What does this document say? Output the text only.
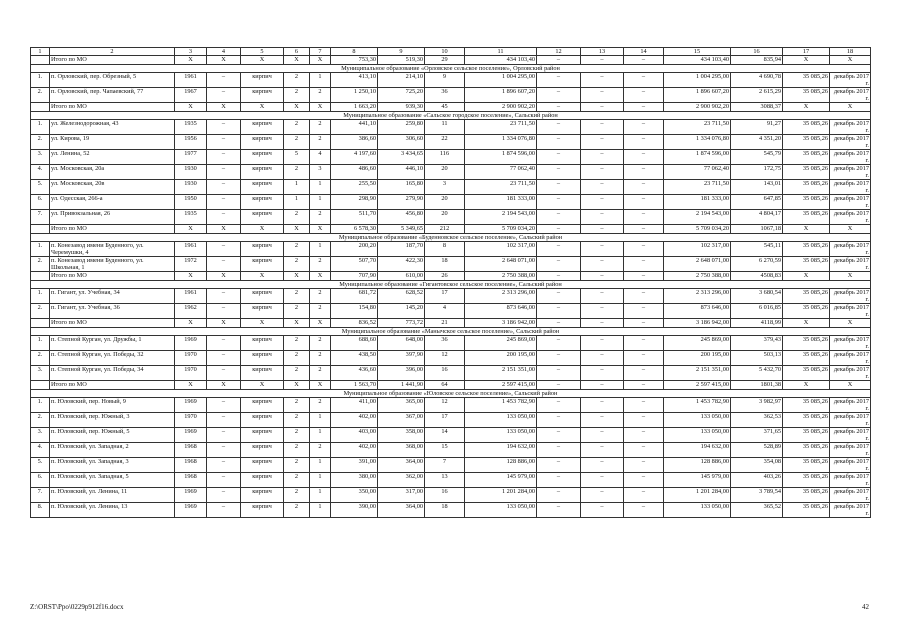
1	2	3	4	5	6	7	8	9	10	11	12	13	14	15	16	17	18
	Итого по МО	X	X	X	X	X	753,30	519,30	29	434 103,40	–	–	–	434 103,40	835,94	X	X
Муниципальное образование «Орловское сельское поселение», Орловский район																	
1.	п. Орловский, пер. Обрезный, 5	1961	–	кирпич	2	1	413,10	214,10	9	1 004 295,00	–	–	–	1 004 295,00	4 690,78	35 085,26	декабрь 2017 г.
2.	п. Орловский, пер. Чапаевский, 77	1967	–	кирпич	2	2	1 250,10	725,20	36	1 896 607,20	–	–	–	1 896 607,20	2 615,29	35 085,26	декабрь 2017 г.
	Итого по МО	X	X	X	X	X	1 663,20	939,30	45	2 900 902,20	–	–	–	2 900 902,20	3088,37	X	X
Муниципальное образование «Сальское городское поселение», Сальский район																	
1.	ул. Железнодорожная, 43	1935	–	кирпич	2	2	441,10	259,80	11	23 711,50	–	–	–	23 711,50	91,27	35 085,26	декабрь 2017 г.
2.	ул. Кирова, 19	1956	–	кирпич	2	2	386,60	306,60	22	1 334 076,80	–	–	–	1 334 076,80	4 351,20	35 085,26	декабрь 2017 г.
3.	ул. Ленина, 52	1977	–	кирпич	5	4	4 197,60	3 434,65	116	1 874 596,00	–	–	–	1 874 596,00	545,79	35 085,26	декабрь 2017 г.
4.	ул. Московская, 20а	1930	–	кирпич	2	3	486,60	446,10	20	77 062,40	–	–	–	77 062,40	172,75	35 085,26	декабрь 2017 г.
5.	ул. Московская, 20в	1930	–	кирпич	1	1	255,50	165,80	3	23 711,50	–	–	–	23 711,50	143,01	35 085,26	декабрь 2017 г.
6.	ул. Одесская, 266-а	1950	–	кирпич	1	1	298,90	279,90	20	181 333,00	–	–	–	181 333,00	647,85	35 085,26	декабрь 2017 г.
7.	ул. Привокзальная, 26	1935	–	кирпич	2	2	511,70	456,80	20	2 194 543,00	–	–	–	2 194 543,00	4 804,17	35 085,26	декабрь 2017 г.
	Итого по МО	X	X	X	X	X	6 578,30	5 349,65	212	5 709 034,20	–	–	–	5 709 034,20	1067,18	X	X
Муниципальное образование «Буденновское сельское поселение», Сальский район																	
1.	п. Конезавод имени Буденного, ул. Черемушки, 4	1961	–	кирпич	2	1	200,20	187,70	8	102 317,00	–	–	–	102 317,00	545,11	35 085,26	декабрь 2017 г.
2.	п. Конезавод имени Буденного, ул. Школьная, 1	1972	–	кирпич	2	2	507,70	422,30	18	2 648 071,00	–	–	–	2 648 071,00	6 270,59	35 085,26	декабрь 2017 г.
	Итого по МО	X	X	X	X	X	707,90	610,00	26	2 750 388,00	–	–	–	2 750 388,00	4508,83	X	X
Муниципальное образование «Гигантовское сельское поселение», Сальский район																	
1.	п. Гигант, ул. Учебная, 34	1961	–	кирпич	2	2	681,72	628,52	17	2 313 296,00	–	–	–	2 313 296,00	3 680,54	35 085,26	декабрь 2017 г.
2.	п. Гигант, ул. Учебная, 36	1962	–	кирпич	2	2	154,80	145,20	4	873 646,00	–	–	–	873 646,00	6 016,85	35 085,26	декабрь 2017 г.
	Итого по МО	X	X	X	X	X	836,52	773,72	21	3 186 942,00	–	–	–	3 186 942,00	4118,99	X	X
Муниципальное образование «Манычское сельское поселение», Сальский район																	
1.	п. Степной Курган, ул. Дружбы, 1	1969	–	кирпич	2	2	688,60	648,00	36	245 869,00	–	–	–	245 869,00	379,43	35 085,26	декабрь 2017 г.
2.	п. Степной Курган, ул. Победы, 32	1970	–	кирпич	2	2	438,50	397,90	12	200 195,00	–	–	–	200 195,00	503,13	35 085,26	декабрь 2017 г.
3.	п. Степной Курган, ул. Победы, 34	1970	–	кирпич	2	2	436,60	396,00	16	2 151 351,00	–	–	–	2 151 351,00	5 432,70	35 085,26	декабрь 2017 г.
	Итого по МО	X	X	X	X	X	1 563,70	1 441,90	64	2 597 415,00	–	–	–	2 597 415,00	1801,38	X	X
Муниципальное образование «Юловское сельское поселение», Сальский район																	
1.	п. Юловский, пер. Новый, 9	1969	–	кирпич	2	2	411,00	365,00	12	1 453 782,90	–	–	–	1 453 782,90	3 982,97	35 085,26	декабрь 2017 г.
2.	п. Юловский, пер. Южный, 3	1970	–	кирпич	2	1	402,00	367,00	17	133 050,00	–	–	–	133 050,00	362,53	35 085,26	декабрь 2017 г.
3.	п. Юловский, пер. Южный, 5	1969	–	кирпич	2	1	403,00	358,00	14	133 050,00	–	–	–	133 050,00	371,65	35 085,26	декабрь 2017 г.
4.	п. Юловский, ул. Западная, 2	1968	–	кирпич	2	2	402,00	368,00	15	194 632,00	–	–	–	194 632,00	528,89	35 085,26	декабрь 2017 г.
5.	п. Юловский, ул. Западная, 3	1968	–	кирпич	2	1	391,00	364,00	7	128 886,00	–	–	–	128 886,00	354,08	35 085,26	декабрь 2017 г.
6.	п. Юловский, ул. Западная, 5	1968	–	кирпич	2	1	380,00	362,00	13	145 979,00	–	–	–	145 979,00	403,26	35 085,26	декабрь 2017 г.
7.	п. Юловский, ул. Ленина, 11	1969	–	кирпич	2	1	350,00	317,00	16	1 201 284,00	–	–	–	1 201 284,00	3 789,54	35 085,26	декабрь 2017 г.
8.	п. Юловский, ул. Ленина, 13	1969	–	кирпич	2	1	390,00	364,00	18	133 050,00	–	–	–	133 050,00	365,52	35 085,26	декабрь 2017 г.
Z:\ORST\Ppo\0229p912f16.docx	42
